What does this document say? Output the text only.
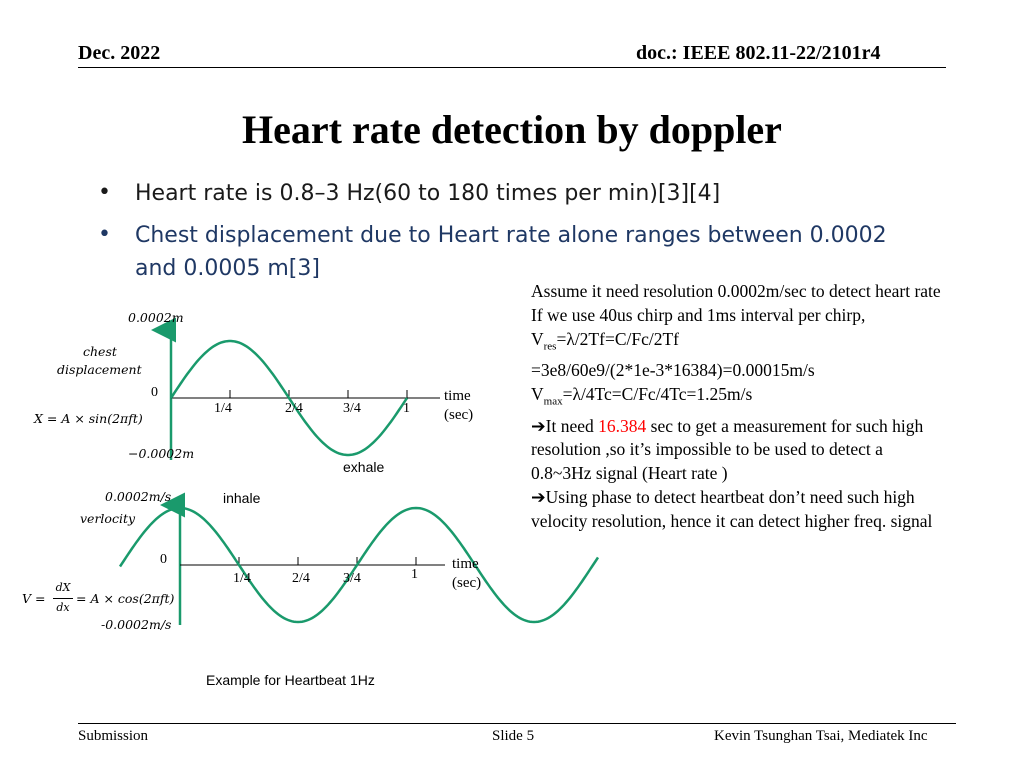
Dec. 2022	doc.: IEEE 802.11-22/2101r4
Heart rate detection by doppler
• Heart rate is 0.8–3 Hz(60 to 180 times per min)[3][4]
• Chest displacement due to Heart rate alone ranges between 0.0002
and 0.0005 m[3]
Assume it need resolution 0.0002m/sec to detect heart rate
If we use 40us chirp and 1ms interval per chirp,
$V_{res}=\lambda/2Tf=C/Fc/2Tf$
=3e8/60e9/(2*1e-3*16384)=0.00015m/s
$V_{max}=\lambda/4Tc=C/Fc/4Tc=1.25m/s$
➔It need 16.384 sec to get a measurement for such high
resolution ,so it’s impossible to be used to detect a
0.8~3Hz signal (Heart rate )
➔Using phase to detect heartbeat don’t need such high
velocity resolution, hence it can detect higher freq. signal
0.0002𝑚
𝑐ℎ𝑒𝑠𝑡
𝑑𝑖𝑠𝑝𝑙𝑎𝑐𝑒𝑚𝑒𝑛𝑡
0
𝑋 = 𝐴 × sin(2𝜋𝑓𝑡)
−0.0002𝑚
1/4	2/4	3/4	1
time
(sec)
exhale
0.0002𝑚/𝑠	inhale
𝑣𝑒𝑟𝑙𝑜𝑐𝑖𝑡𝑦
0
1/4	2/4 3/4	1
time
(sec)
𝑉 =
𝑑𝑋
𝑑𝑥
= 𝐴 × cos(2𝜋𝑓𝑡)
-0.0002𝑚/𝑠
Example for Heartbeat 1Hz
Submission	Slide 5	Kevin Tsunghan Tsai, Mediatek Inc
